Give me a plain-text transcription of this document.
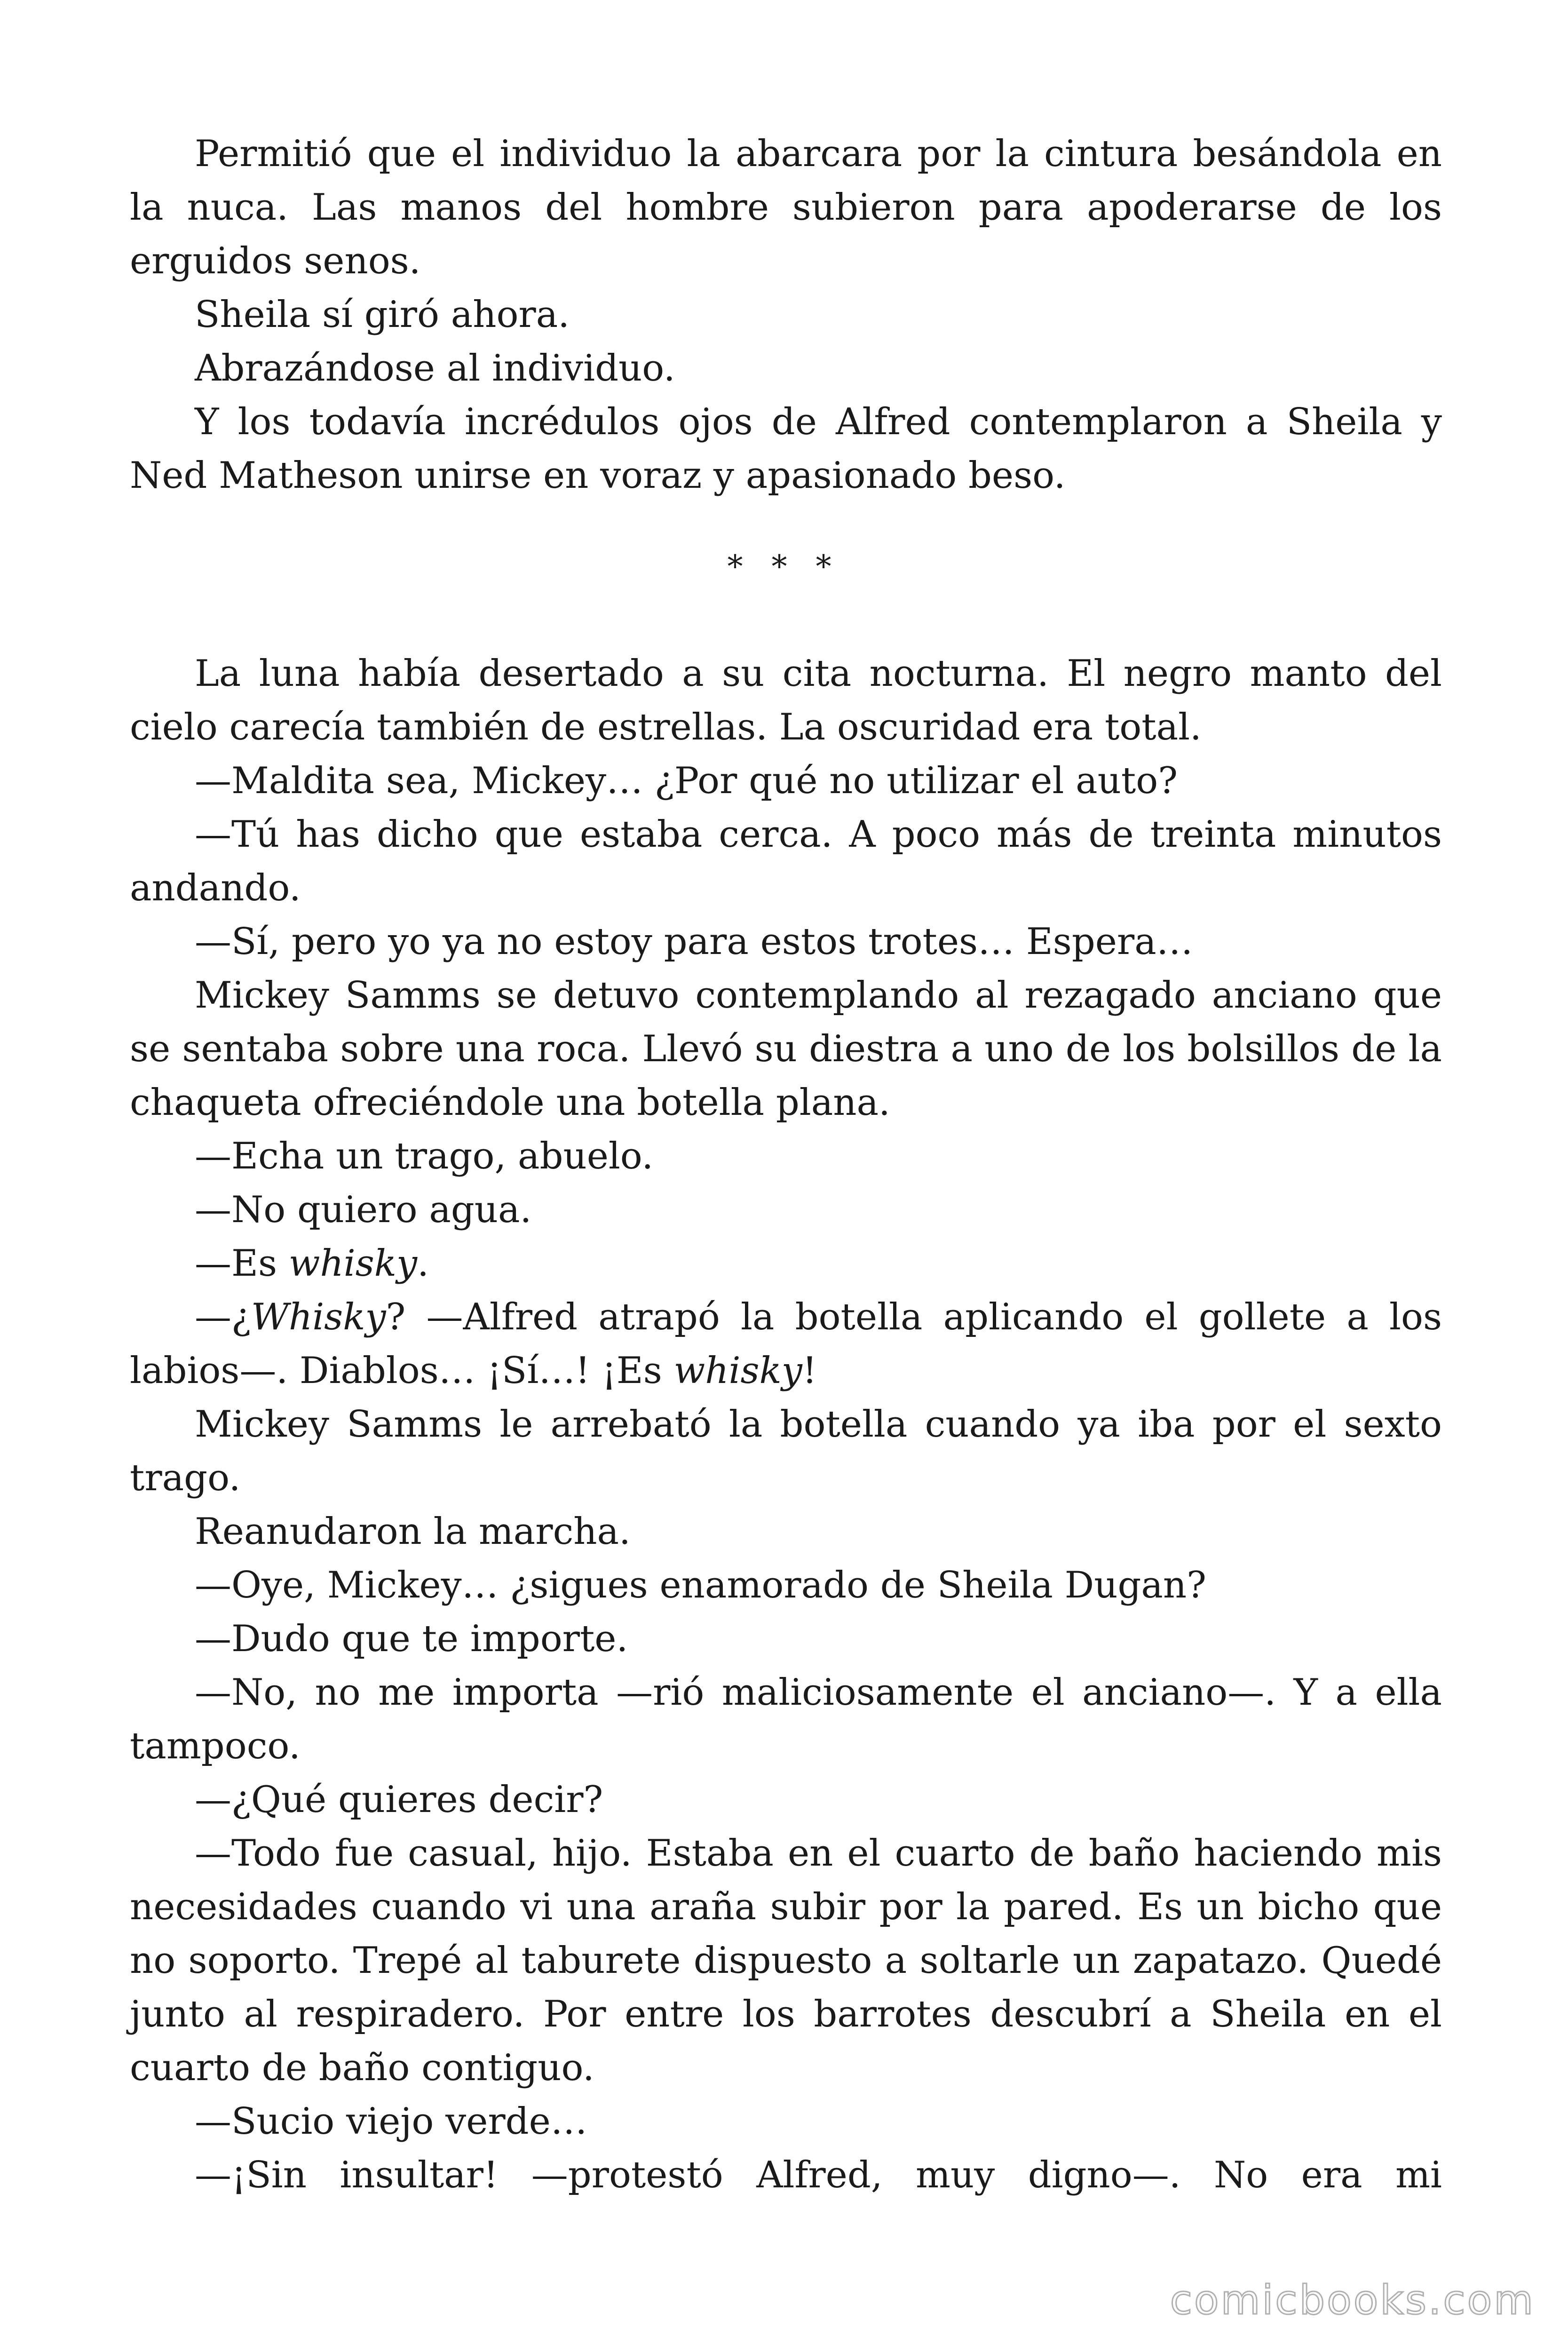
Permitió que el individuo la abarcara por la cintura besándola en la nuca. Las manos del hombre subieron para apoderarse de los erguidos senos.

Sheila sí giró ahora.

Abrazándose al individuo.

Y los todavía incrédulos ojos de Alfred contemplaron a Sheila y Ned Matheson unirse en voraz y apasionado beso.

* * *

La luna había desertado a su cita nocturna. El negro manto del cielo carecía también de estrellas. La oscuridad era total.

—Maldita sea, Mickey… ¿Por qué no utilizar el auto?

—Tú has dicho que estaba cerca. A poco más de treinta minutos andando.

—Sí, pero yo ya no estoy para estos trotes… Espera…

Mickey Samms se detuvo contemplando al rezagado anciano que se sentaba sobre una roca. Llevó su diestra a uno de los bolsillos de la chaqueta ofreciéndole una botella plana.

—Echa un trago, abuelo.

—No quiero agua.

—Es whisky.

—¿Whisky? —Alfred atrapó la botella aplicando el gollete a los labios—. Diablos… ¡Sí…! ¡Es whisky!

Mickey Samms le arrebató la botella cuando ya iba por el sexto trago.

Reanudaron la marcha.

—Oye, Mickey… ¿sigues enamorado de Sheila Dugan?

—Dudo que te importe.

—No, no me importa —rió maliciosamente el anciano—. Y a ella tampoco.

—¿Qué quieres decir?

—Todo fue casual, hijo. Estaba en el cuarto de baño haciendo mis necesidades cuando vi una araña subir por la pared. Es un bicho que no soporto. Trepé al taburete dispuesto a soltarle un zapatazo. Quedé junto al respiradero. Por entre los barrotes descubrí a Sheila en el cuarto de baño contiguo.

—Sucio viejo verde…

—¡Sin insultar! —protestó Alfred, muy digno—. No era mi

comicbooks.com
